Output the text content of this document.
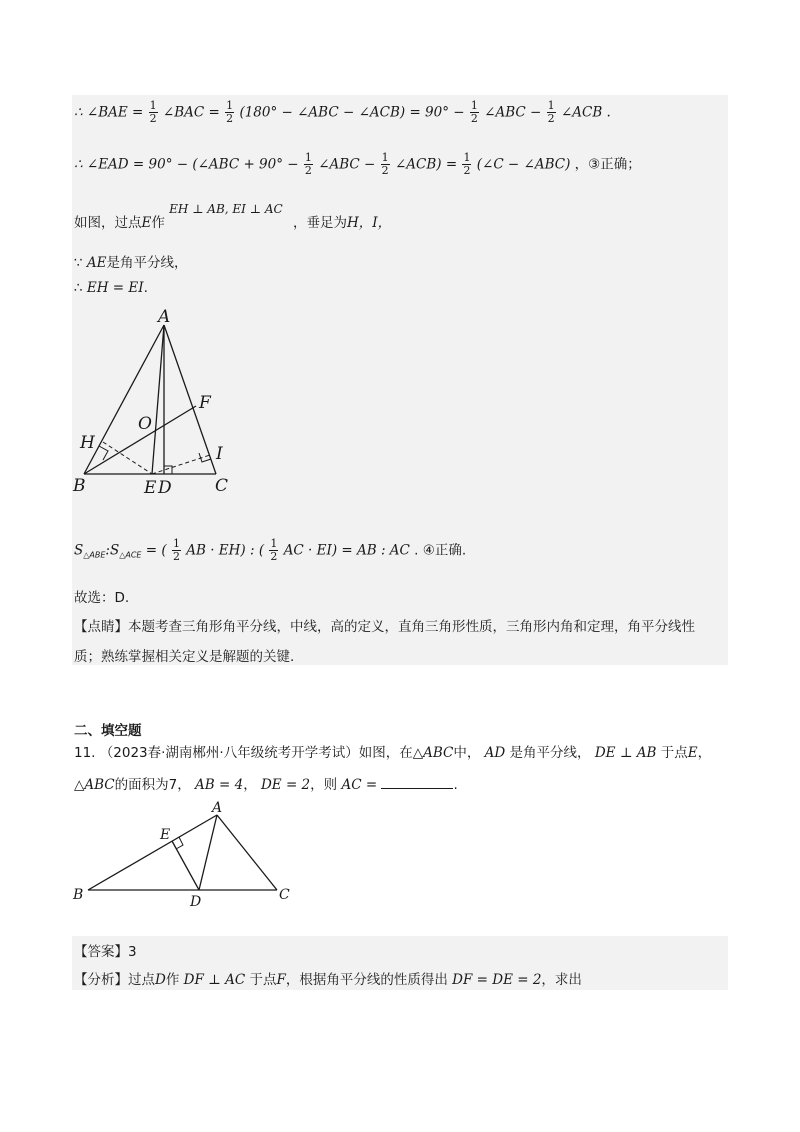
∴ ∠BAE = $\frac{1}{2}$ ∠BAC = $\frac{1}{2} (180^\circ$ − ∠ABC − ∠ACB) = $90^\circ - \frac{1}{2}$ ∠ABC − $\frac{1}{2}$ ∠ACB .
∴ ∠EAD = 90° − (∠ABC + $90^\circ - \frac{1}{2}$ ∠ABC − $\frac{1}{2}$ ∠ACB) = $\frac{1}{2}$ (∠C − ∠ABC) ，③正确；
如图，过点E作 EH ⊥ AB, EI ⊥ AC ，垂足为H，I，
∵ AE是角平分线，
∴ EH = EI.
A
B	C
E D
F
H
I
O
$S_{\triangle ABE}:S_{\triangle ACE}$ = ( $\frac{1}{2}$ AB · EH) : ( $\frac{1}{2}$ AC · EI) = AB : AC . ④正确.
故选：D.
【点睛】本题考查三角形角平分线，中线，高的定义，直角三角形性质，三角形内角和定理，角平分线性
质；熟练掌握相关定义是解题的关键.
二、填空题
11. （2023春·湖南郴州·八年级统考开学考试）如图，在△ABC中， AD 是角平分线， DE ⊥ AB 于点E，
△ABC的面积为7， AB = 4， DE = 2，则 AC =	.
A
B	C
D
E
【答案】3
【分析】过点D作 DF ⊥ AC 于点F，根据角平分线的性质得出 DF = DE = 2，求出
